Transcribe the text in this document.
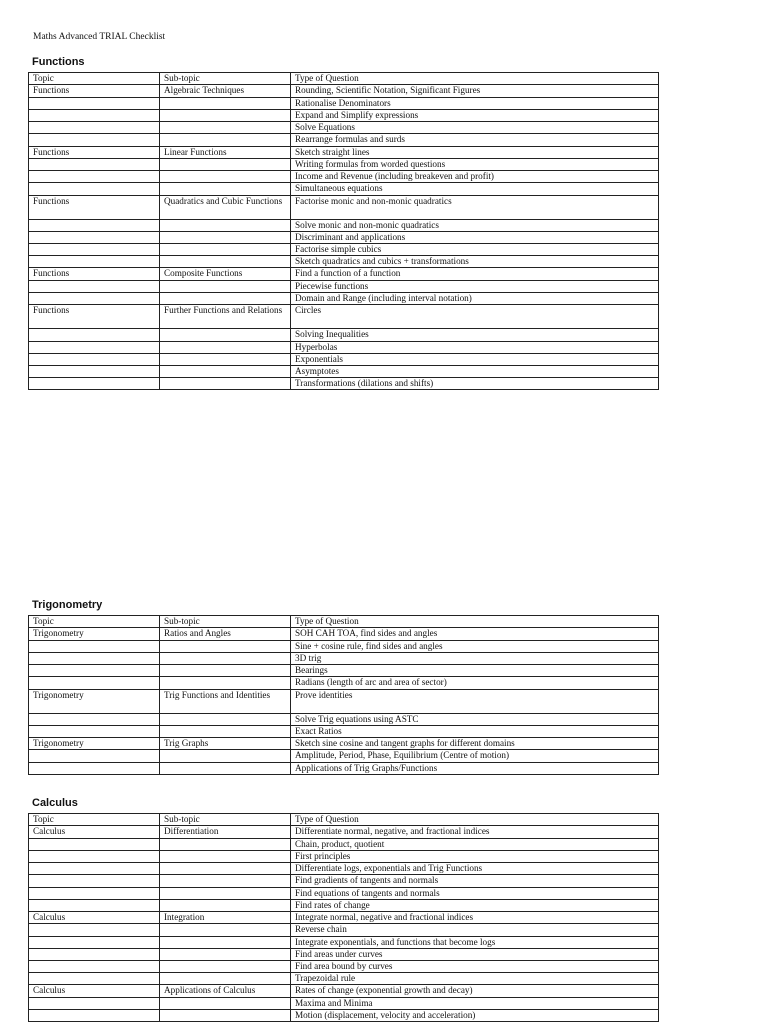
Maths Advanced TRIAL Checklist
Functions
Topic	Sub-topic	Type of Question
Functions	Algebraic Techniques	Rounding, Scientific Notation, Significant Figures
		Rationalise Denominators
		Expand and Simplify expressions
		Solve Equations
		Rearrange formulas and surds
Functions	Linear Functions	Sketch straight lines
		Writing formulas from worded questions
		Income and Revenue (including breakeven and profit)
		Simultaneous equations
Functions	Quadratics and Cubic Functions	Factorise monic and non-monic quadratics
		Solve monic and non-monic quadratics
		Discriminant and applications
		Factorise simple cubics
		Sketch quadratics and cubics + transformations
Functions	Composite Functions	Find a function of a function
		Piecewise functions
		Domain and Range (including interval notation)
Functions	Further Functions and Relations	Circles
		Solving Inequalities
		Hyperbolas
		Exponentials
		Asymptotes
		Transformations (dilations and shifts)
Trigonometry
Topic	Sub-topic	Type of Question
Trigonometry	Ratios and Angles	SOH CAH TOA, find sides and angles
		Sine + cosine rule, find sides and angles
		3D trig
		Bearings
		Radians (length of arc and area of sector)
Trigonometry	Trig Functions and Identities	Prove identities
		Solve Trig equations using ASTC
		Exact Ratios
Trigonometry	Trig Graphs	Sketch sine cosine and tangent graphs for different domains
		Amplitude, Period, Phase, Equilibrium (Centre of motion)
		Applications of Trig Graphs/Functions
Calculus
Topic	Sub-topic	Type of Question
Calculus	Differentiation	Differentiate normal, negative, and fractional indices
		Chain, product, quotient
		First principles
		Differentiate logs, exponentials and Trig Functions
		Find gradients of tangents and normals
		Find equations of tangents and normals
		Find rates of change
Calculus	Integration	Integrate normal, negative and fractional indices
		Reverse chain
		Integrate exponentials, and functions that become logs
		Find areas under curves
		Find area bound by curves
		Trapezoidal rule
Calculus	Applications of Calculus	Rates of change (exponential growth and decay)
		Maxima and Minima
		Motion (displacement, velocity and acceleration)
